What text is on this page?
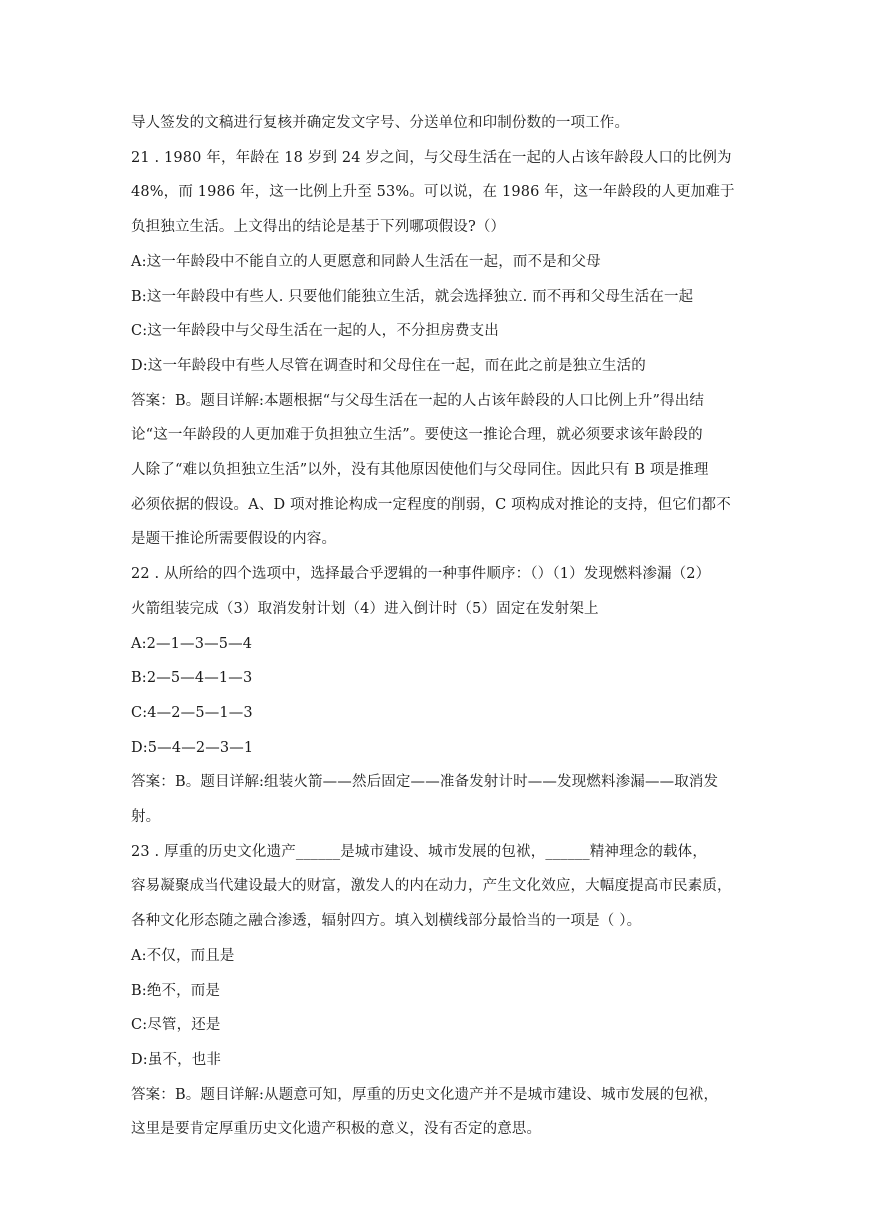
导人签发的文稿进行复核并确定发文字号、分送单位和印制份数的一项工作。
21 . 1980 年，年龄在 18 岁到 24 岁之间，与父母生活在一起的人占该年龄段人口的比例为
48%，而 1986 年，这一比例上升至 53%。可以说，在 1986 年，这一年龄段的人更加难于
负担独立生活。上文得出的结论是基于下列哪项假设?（）
A:这一年龄段中不能自立的人更愿意和同龄人生活在一起，而不是和父母
B:这一年龄段中有些人. 只要他们能独立生活，就会选择独立. 而不再和父母生活在一起
C:这一年龄段中与父母生活在一起的人，不分担房费支出
D:这一年龄段中有些人尽管在调查时和父母住在一起，而在此之前是独立生活的
答案：B。题目详解:本题根据“与父母生活在一起的人占该年龄段的人口比例上升”得出结
论“这一年龄段的人更加难于负担独立生活”。要使这一推论合理，就必须要求该年龄段的
人除了“难以负担独立生活”以外，没有其他原因使他们与父母同住。因此只有 B 项是推理
必须依据的假设。A、D 项对推论构成一定程度的削弱，C 项构成对推论的支持，但它们都不
是题干推论所需要假设的内容。
22 . 从所给的四个选项中，选择最合乎逻辑的一种事件顺序：（）（1）发现燃料渗漏（2）
火箭组装完成（3）取消发射计划（4）进入倒计时（5）固定在发射架上
A:2—1—3—5—4
B:2—5—4—1—3
C:4—2—5—1—3
D:5—4—2—3—1
答案：B。题目详解:组装火箭——然后固定——准备发射计时——发现燃料渗漏——取消发
射。
23 . 厚重的历史文化遗产______是城市建设、城市发展的包袱，______精神理念的载体，
容易凝聚成当代建设最大的财富，激发人的内在动力，产生文化效应，大幅度提高市民素质，
各种文化形态随之融合渗透，辐射四方。填入划横线部分最恰当的一项是（ ）。
A:不仅，而且是
B:绝不，而是
C:尽管，还是
D:虽不，也非
答案：B。题目详解:从题意可知，厚重的历史文化遗产并不是城市建设、城市发展的包袱，
这里是要肯定厚重历史文化遗产积极的意义，没有否定的意思。
